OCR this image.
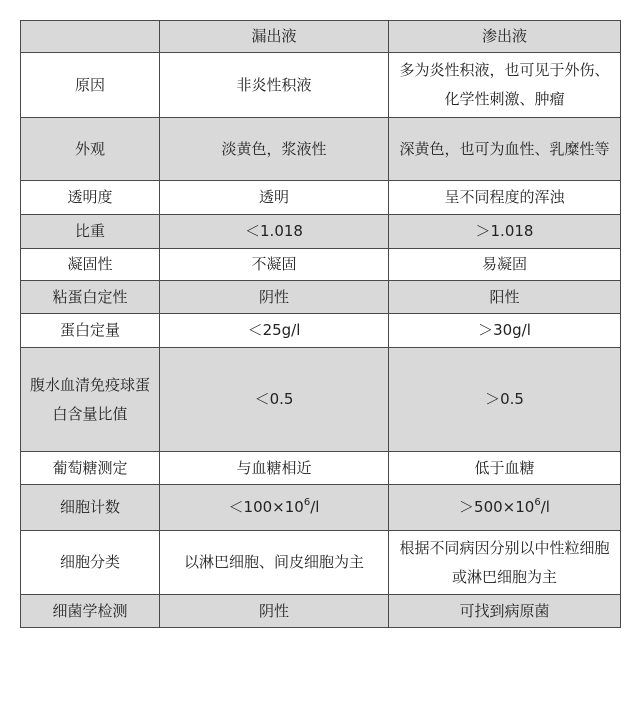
	漏出液	渗出液
原因	非炎性积液	多为炎性积液，也可见于外伤、化学性刺激、肿瘤
外观	淡黄色，浆液性	深黄色，也可为血性、乳糜性等
透明度	透明	呈不同程度的浑浊
比重	＜1.018	＞1.018
凝固性	不凝固	易凝固
粘蛋白定性	阴性	阳性
蛋白定量	＜25g/l	＞30g/l
腹水血清免疫球蛋白含量比值	＜0.5	＞0.5
葡萄糖测定	与血糖相近	低于血糖
细胞计数	$<100\times 10^6/l$	$>500\times 10^6/l$
细胞分类	以淋巴细胞、间皮细胞为主	根据不同病因分别以中性粒细胞或淋巴细胞为主
细菌学检测	阴性	可找到病原菌
